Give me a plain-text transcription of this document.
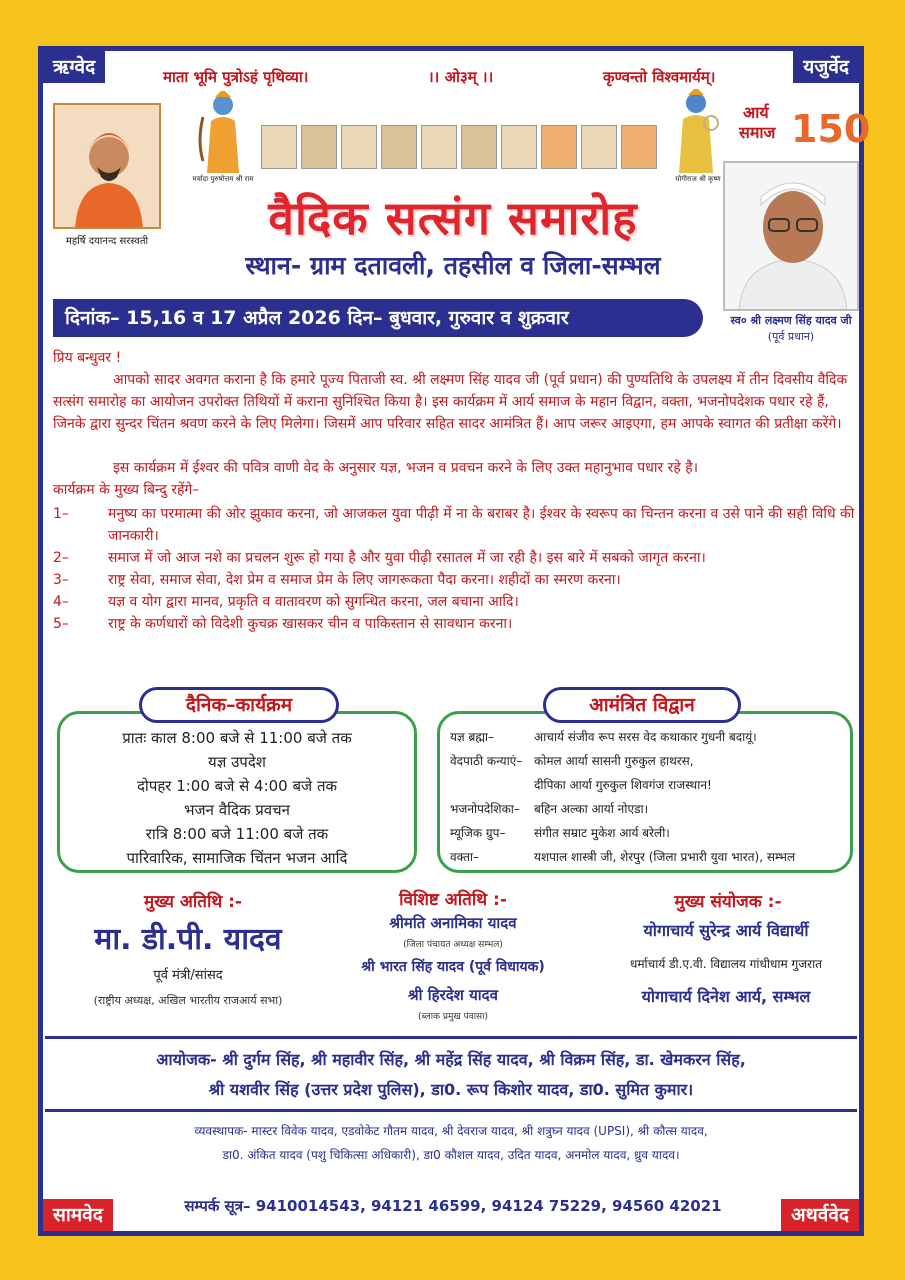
ऋग्वेद	यजुर्वेद
सामवेद	अथर्ववेद
माता भूमि पुत्रोऽहं पृथिव्या।	।। ओ३म् ।।	कृण्वन्तो विश्वमार्यम्।
महर्षि दयानन्द सरस्वती
मर्यादा पुरुषोत्तम श्री राम	योगीराज श्री कृष्ण
आर्य
समाज 150
वैदिक सत्संग समारोह
स्थान- ग्राम दतावली, तहसील व जिला-सम्भल
स्व० श्री लक्ष्मण सिंह यादव जी
(पूर्व प्रधान)
दिनांक– 15,16 व 17 अप्रैल 2026 दिन– बुधवार, गुरुवार व शुक्रवार
प्रिय बन्धुवर !
आपको सादर अवगत कराना है कि हमारे पूज्य पिताजी स्व. श्री लक्ष्मण सिंह यादव जी (पूर्व प्रधान) की पुण्यतिथि के उपलक्ष्य में तीन दिवसीय वैदिक सत्संग समारोह का आयोजन उपरोक्त तिथियों में कराना सुनिश्चित किया है। इस कार्यक्रम में आर्य समाज के महान विद्वान, वक्ता, भजनोपदेशक पधार रहे हैं, जिनके द्वारा सुन्दर चिंतन श्रवण करने के लिए मिलेगा। जिसमें आप परिवार सहित सादर आमंत्रित हैं। आप जरूर आइएगा, हम आपके स्वागत की प्रतीक्षा करेंगे।
इस कार्यक्रम में ईश्वर की पवित्र वाणी वेद के अनुसार यज्ञ, भजन व प्रवचन करने के लिए उक्त महानुभाव पधार रहे है।
कार्यक्रम के मुख्य बिन्दु रहेंगे–
1–	मनुष्य का परमात्मा की ओर झुकाव करना, जो आजकल युवा पीढ़ी में ना के बराबर है। ईश्वर के स्वरूप का चिन्तन करना व उसे पाने की सही विधि की जानकारी।
2–	समाज में जो आज नशे का प्रचलन शुरू हो गया है और युवा पीढ़ी रसातल में जा रही है। इस बारे में सबको जागृत करना।
3–	राष्ट्र सेवा, समाज सेवा, देश प्रेम व समाज प्रेम के लिए जागरूकता पैदा करना। शहीदों का स्मरण करना।
4–	यज्ञ व योग द्वारा मानव, प्रकृति व वातावरण को सुगन्धित करना, जल बचाना आदि।
5–	राष्ट्र के कर्णधारों को विदेशी कुचक्र खासकर चीन व पाकिस्तान से सावधान करना।
प्रातः काल 8:00 बजे से 11:00 बजे तक
यज्ञ उपदेश
दोपहर 1:00 बजे से 4:00 बजे तक
भजन वैदिक प्रवचन
रात्रि 8:00 बजे 11:00 बजे तक
पारिवारिक, सामाजिक चिंतन भजन आदि
दैनिक–कार्यक्रम
यज्ञ ब्रह्मा–	आचार्य संजीव रूप सरस वेद कथाकार गुधनी बदायूं।
वेदपाठी कन्याएं– कोमल आर्या सासनी गुरुकुल हाथरस,
दीपिका आर्या गुरुकुल शिवगंज राजस्थान!
भजनोपदेशिका– बहिन अल्का आर्या नोएडा।
म्यूजिक ग्रुप– संगीत सम्राट मुकेश आर्य बरेली।
वक्ता–	यशपाल शास्त्री जी, शेरपुर (जिला प्रभारी युवा भारत), सम्भल
आमंत्रित विद्वान
मुख्य अतिथि :-
मा. डी.पी. यादव
पूर्व मंत्री/सांसद
(राष्ट्रीय अध्यक्ष, अखिल भारतीय राजआर्य सभा)
विशिष्ट अतिथि :-
श्रीमति अनामिका यादव
(जिला पंचायत अध्यक्ष सम्भल)
श्री भारत सिंह यादव (पूर्व विधायक)
श्री हिरदेश यादव
(ब्लाक प्रमुख पंवासा)
मुख्य संयोजक :-
योगाचार्य सुरेन्द्र आर्य विद्यार्थी
धर्माचार्य डी.ए.वी. विद्यालय गांधीधाम गुजरात
योगाचार्य दिनेश आर्य, सम्भल
आयोजक- श्री दुर्गम सिंह, श्री महावीर सिंह, श्री महेंद्र सिंह यादव, श्री विक्रम सिंह, डा. खेमकरन सिंह,
श्री यशवीर सिंह (उत्तर प्रदेश पुलिस), डा0. रूप किशोर यादव, डा0. सुमित कुमार।
व्यवस्थापक- मास्टर विवेक यादव, एडवोकेट गौतम यादव, श्री देवराज यादव, श्री शत्रुघ्न यादव (UPSI), श्री कौत्स यादव,
डा0. अंकित यादव (पशु चिकित्सा अधिकारी), डा0 कौशल यादव, उदित यादव, अनमोल यादव, ध्रुव यादव।
सम्पर्क सूत्र– 9410014543, 94121 46599, 94124 75229, 94560 42021
